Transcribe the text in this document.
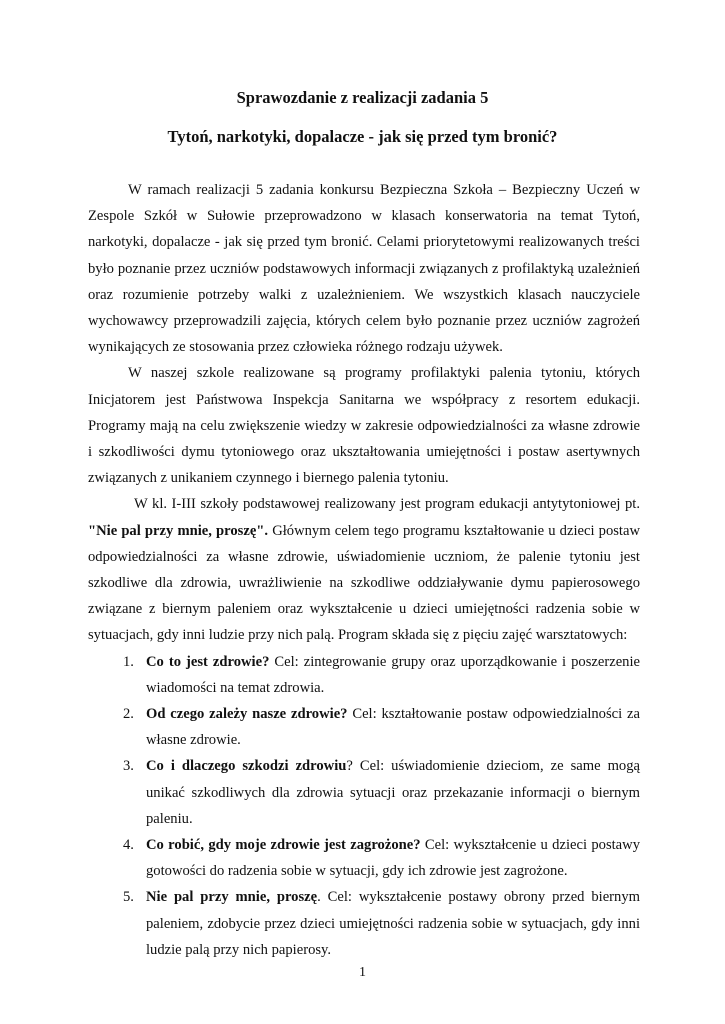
Sprawozdanie z realizacji zadania 5
Tytoń, narkotyki, dopalacze - jak się przed tym bronić?

W ramach realizacji 5 zadania konkursu Bezpieczna Szkoła – Bezpieczny Uczeń w Zespole Szkół w Sułowie przeprowadzono w klasach konserwatoria na temat Tytoń, narkotyki, dopalacze - jak się przed tym bronić. Celami priorytetowymi realizowanych treści było poznanie przez uczniów podstawowych informacji związanych z profilaktyką uzależnień oraz rozumienie potrzeby walki z uzależnieniem. We wszystkich klasach nauczyciele wychowawcy przeprowadzili zajęcia, których celem było poznanie przez uczniów zagrożeń wynikających ze stosowania przez człowieka różnego rodzaju używek.

W naszej szkole realizowane są programy profilaktyki palenia tytoniu, których Inicjatorem jest Państwowa Inspekcja Sanitarna we współpracy z resortem edukacji. Programy mają na celu zwiększenie wiedzy w zakresie odpowiedzialności za własne zdrowie i szkodliwości dymu tytoniowego oraz ukształtowania umiejętności i postaw asertywnych związanych z unikaniem czynnego i biernego palenia tytoniu.

W kl. I-III szkoły podstawowej realizowany jest program edukacji antytytoniowej pt. "Nie pal przy mnie, proszę". Głównym celem tego programu kształtowanie u dzieci postaw odpowiedzialności za własne zdrowie, uświadomienie uczniom, że palenie tytoniu jest szkodliwe dla zdrowia, uwrażliwienie na szkodliwe oddziaływanie dymu papierosowego związane z biernym paleniem oraz wykształcenie u dzieci umiejętności radzenia sobie w sytuacjach, gdy inni ludzie przy nich palą. Program składa się z pięciu zajęć warsztatowych:

1. Co to jest zdrowie? Cel: zintegrowanie grupy oraz uporządkowanie i poszerzenie wiadomości na temat zdrowia.
2. Od czego zależy nasze zdrowie? Cel: kształtowanie postaw odpowiedzialności za własne zdrowie.
3. Co i dlaczego szkodzi zdrowiu? Cel: uświadomienie dzieciom, ze same mogą unikać szkodliwych dla zdrowia sytuacji oraz przekazanie informacji o biernym paleniu.
4. Co robić, gdy moje zdrowie jest zagrożone? Cel: wykształcenie u dzieci postawy gotowości do radzenia sobie w sytuacji, gdy ich zdrowie jest zagrożone.
5. Nie pal przy mnie, proszę. Cel: wykształcenie postawy obrony przed biernym paleniem, zdobycie przez dzieci umiejętności radzenia sobie w sytuacjach, gdy inni ludzie palą przy nich papierosy.
1
